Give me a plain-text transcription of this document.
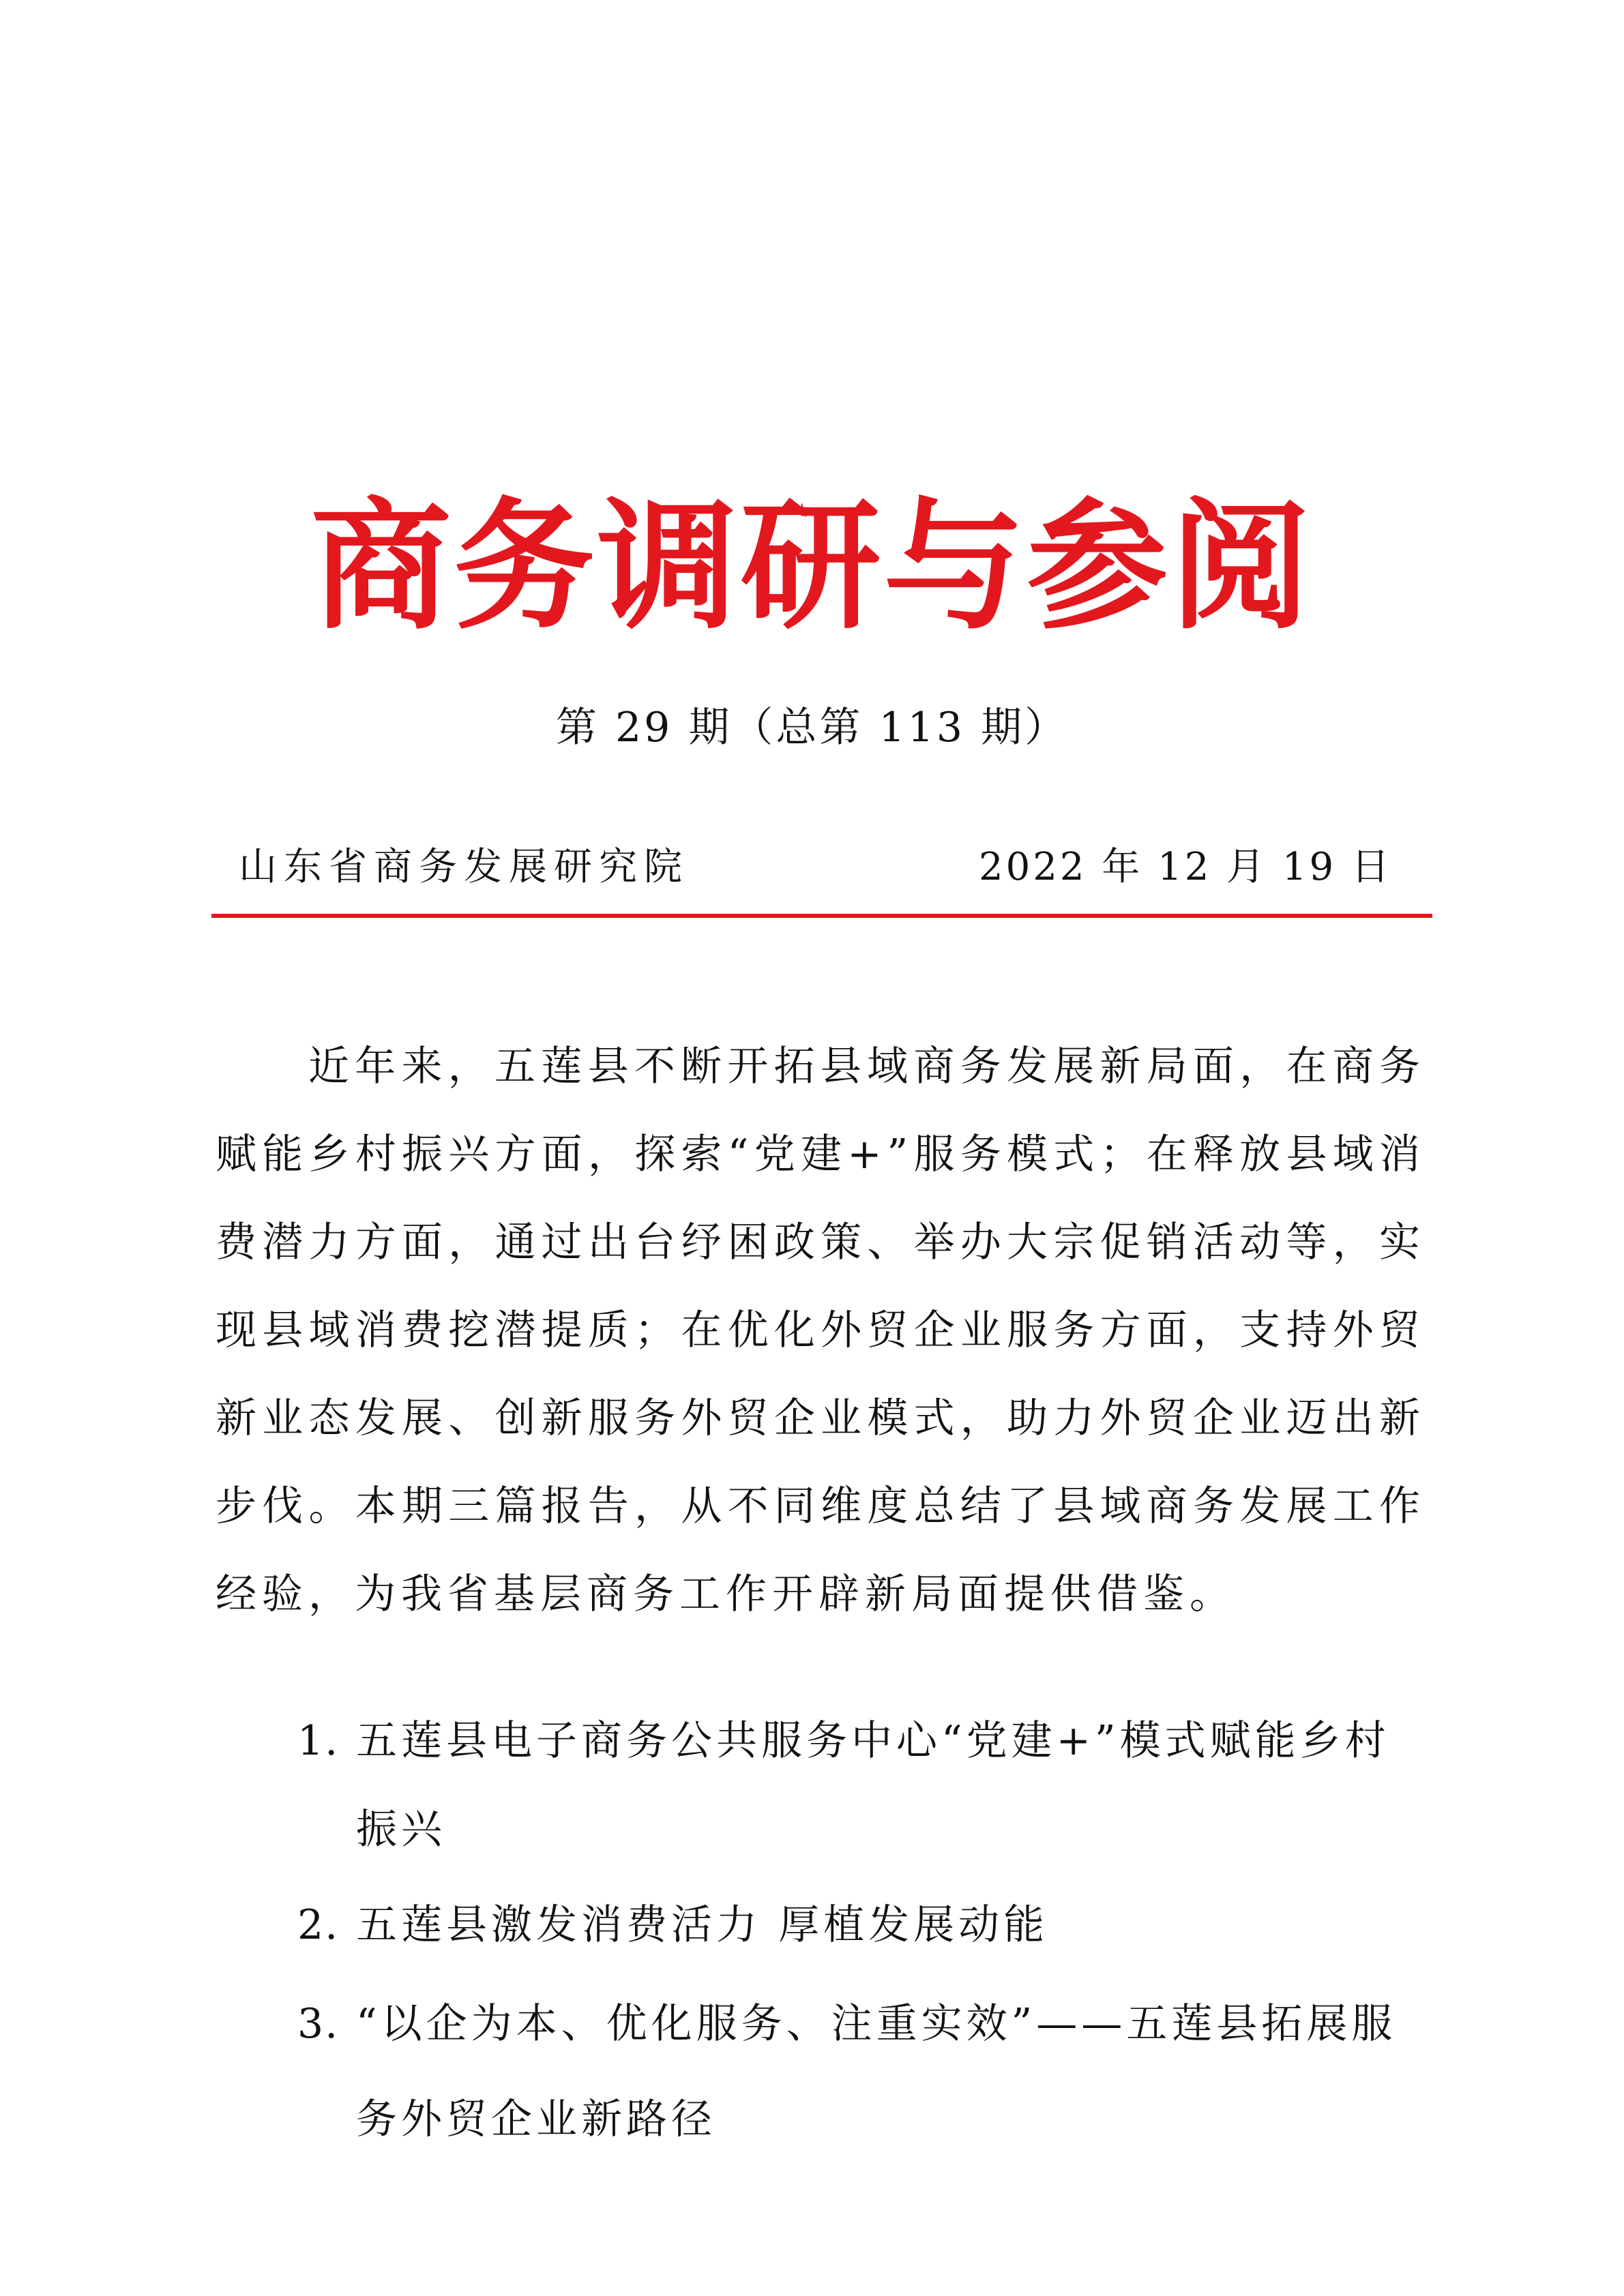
商务调研与参阅
第 29 期（总第 113 期）
山东省商务发展研究院	2022 年 12 月 19 日

近年来，五莲县不断开拓县域商务发展新局面，在商务赋能乡村振兴方面，探索“党建+”服务模式；在释放县域消费潜力方面，通过出台纾困政策、举办大宗促销活动等，实现县域消费挖潜提质；在优化外贸企业服务方面，支持外贸新业态发展、创新服务外贸企业模式，助力外贸企业迈出新步伐。本期三篇报告，从不同维度总结了县域商务发展工作经验，为我省基层商务工作开辟新局面提供借鉴。

1. 五莲县电子商务公共服务中心“党建+”模式赋能乡村振兴
2. 五莲县激发消费活力 厚植发展动能
3. “以企为本、优化服务、注重实效”——五莲县拓展服务外贸企业新路径
